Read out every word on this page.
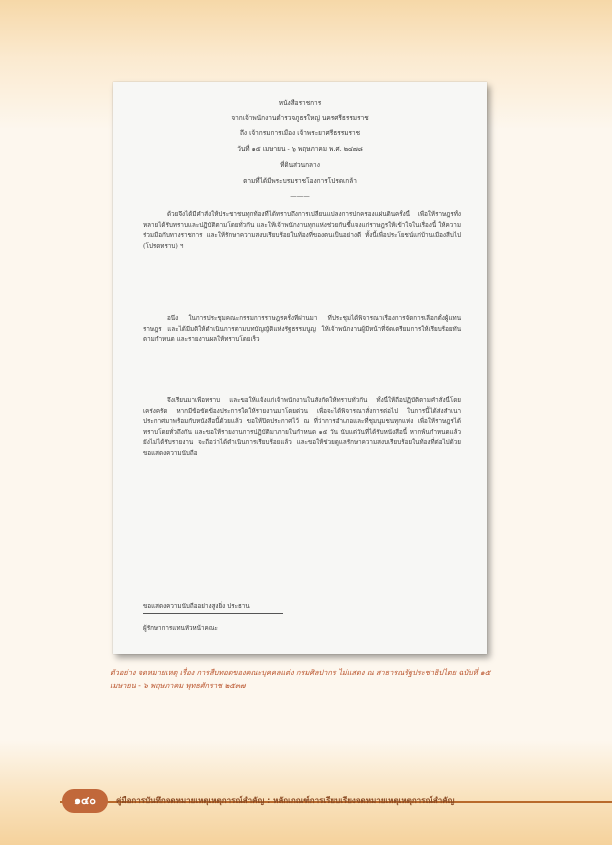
หนังสือราชการ
จากเจ้าพนักงานตำรวจภูธรใหญ่ นครศรีธรรมราช
ถึง เจ้ากรมการเมือง เจ้าพระยาศรีธรรมราช
วันที่ ๑๕ เมษายน - ๖ พฤษภาคม พ.ศ. ๒๔๗๘
ที่ดินส่วนกลาง
ตามที่ได้มีพระบรมราชโองการโปรดเกล้า
———
ด้วยจึงได้มีคำสั่งให้ประชาชนทุกท้องที่ได้ทราบถึงการเปลี่ยนแปลงการปกครองแผ่นดินครั้งนี้ เพื่อให้ราษฎรทั้งหลายได้รับทราบและปฏิบัติตามโดยทั่วกัน และให้เจ้าพนักงานทุกแห่งช่วยกันชี้แจงแก่ราษฎรให้เข้าใจในเรื่องนี้ ให้ความร่วมมือกับทางราชการ และให้รักษาความสงบเรียบร้อยในท้องที่ของตนเป็นอย่างดี ทั้งนี้เพื่อประโยชน์แก่บ้านเมืองสืบไป (โปรดทราบ) ฯ
อนึ่ง ในการประชุมคณะกรรมการราษฎรครั้งที่ผ่านมา ที่ประชุมได้พิจารณาเรื่องการจัดการเลือกตั้งผู้แทนราษฎร และได้มีมติให้ดำเนินการตามบทบัญญัติแห่งรัฐธรรมนูญ ให้เจ้าพนักงานผู้มีหน้าที่จัดเตรียมการให้เรียบร้อยทันตามกำหนด และรายงานผลให้ทราบโดยเร็ว
จึงเรียนมาเพื่อทราบ และขอให้แจ้งแก่เจ้าพนักงานในสังกัดให้ทราบทั่วกัน ทั้งนี้ให้ถือปฏิบัติตามคำสั่งนี้โดยเคร่งครัด หากมีข้อขัดข้องประการใดให้รายงานมาโดยด่วน เพื่อจะได้พิจารณาสั่งการต่อไป ในการนี้ได้ส่งสำเนาประกาศมาพร้อมกับหนังสือนี้ด้วยแล้ว ขอให้ปิดประกาศไว้ ณ ที่ว่าการอำเภอและที่ชุมนุมชนทุกแห่ง เพื่อให้ราษฎรได้ทราบโดยทั่วถึงกัน และขอให้รายงานการปฏิบัติมาภายในกำหนด ๑๕ วัน นับแต่วันที่ได้รับหนังสือนี้ หากพ้นกำหนดแล้วยังไม่ได้รับรายงาน จะถือว่าได้ดำเนินการเรียบร้อยแล้ว และขอให้ช่วยดูแลรักษาความสงบเรียบร้อยในท้องที่ต่อไปด้วย ขอแสดงความนับถือ
ขอแสดงความนับถืออย่างสูงยิ่ง ประธาน
ผู้รักษาการแทนหัวหน้าคณะ
ตัวอย่าง จดหมายเหตุ เรื่อง การสืบทอดของคณะบุคคลแต่ง กรมศิลปากร ไม่แสดง ณ สาธารณรัฐประชาธิปไตย ฉบับที่ ๑๕ เมษายน - ๖ พฤษภาคม พุทธศักราช ๒๕๓๗
๑๔๐	คู่มือการบันทึกจดหมายเหตุเหตุการณ์สำคัญ : หลักเกณฑ์การเรียบเรียงจดหมายเหตุเหตุการณ์สำคัญ
